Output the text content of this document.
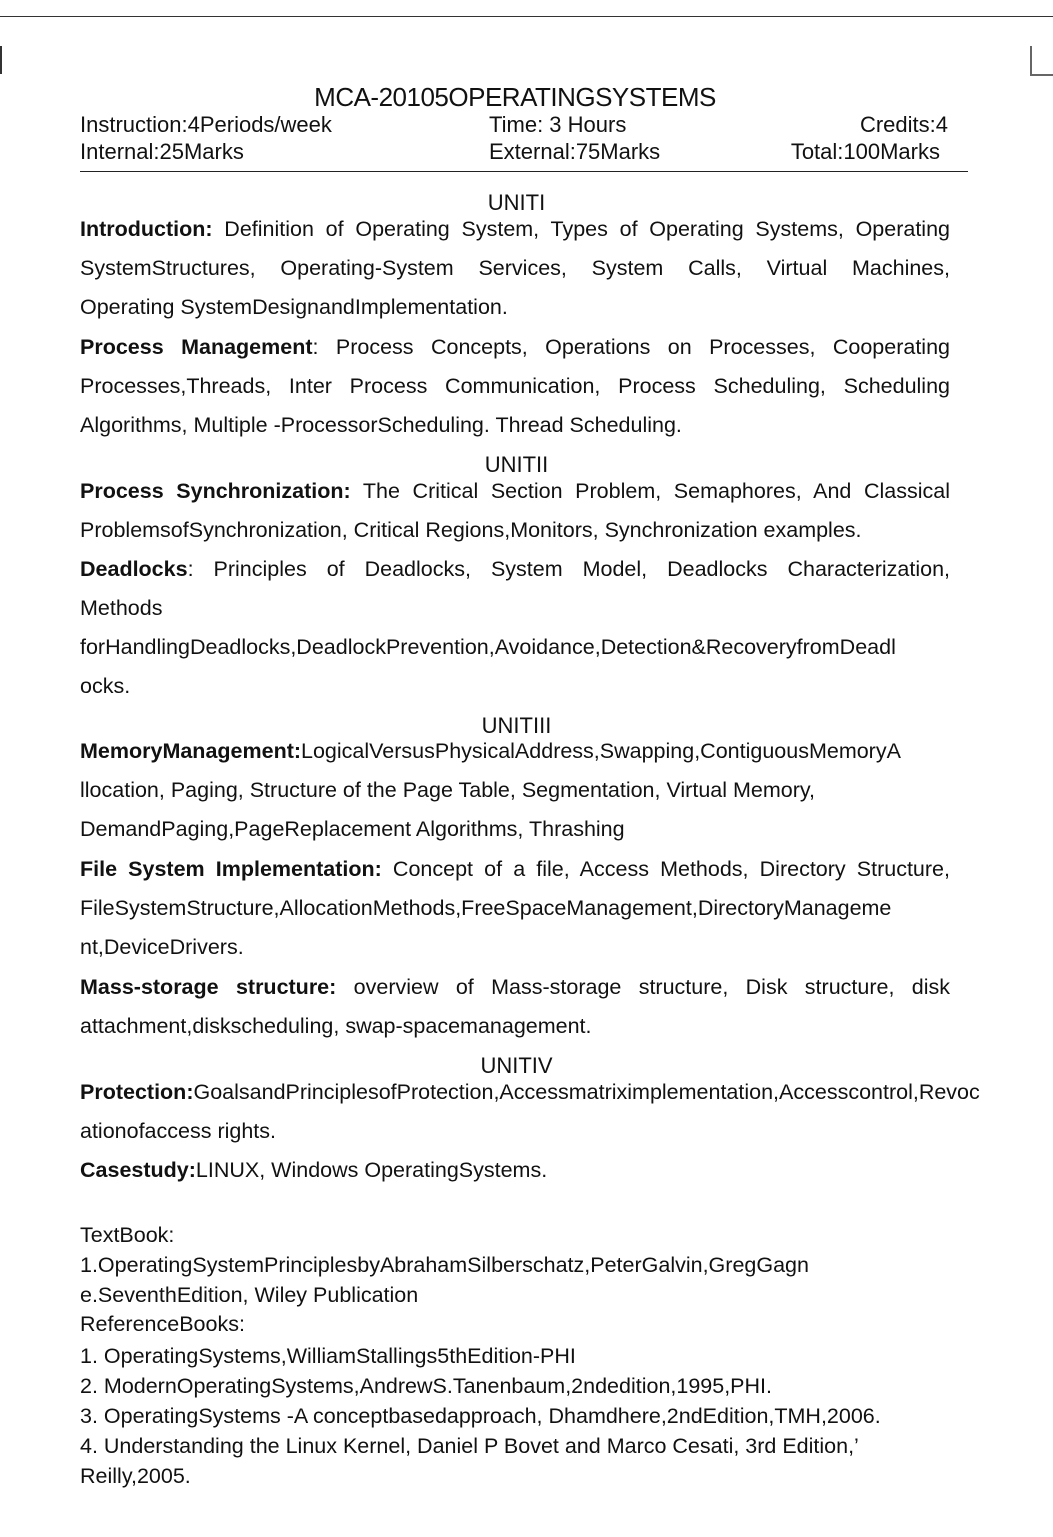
MCA-20105OPERATINGSYSTEMS
Instruction:4Periods/week	Time: 3 Hours	Credits:4
Internal:25Marks	External:75Marks	Total:100Marks
UNITI
Introduction: Definition of Operating System, Types of Operating Systems, Operating
SystemStructures, Operating-System Services, System Calls, Virtual Machines,
Operating SystemDesignandImplementation.
Process Management: Process Concepts, Operations on Processes, Cooperating
Processes,Threads, Inter Process Communication, Process Scheduling, Scheduling
Algorithms, Multiple -ProcessorScheduling. Thread Scheduling.
UNITII
Process Synchronization: The Critical Section Problem, Semaphores, And Classical
ProblemsofSynchronization, Critical Regions,Monitors, Synchronization examples.
Deadlocks: Principles of Deadlocks, System Model, Deadlocks Characterization,
Methods
forHandlingDeadlocks,DeadlockPrevention,Avoidance,Detection&RecoveryfromDeadl
ocks.
UNITIII
MemoryManagement:LogicalVersusPhysicalAddress,Swapping,ContiguousMemoryA
llocation, Paging, Structure of the Page Table, Segmentation, Virtual Memory,
DemandPaging,PageReplacement Algorithms, Thrashing
File System Implementation: Concept of a file, Access Methods, Directory Structure,
FileSystemStructure,AllocationMethods,FreeSpaceManagement,DirectoryManageme
nt,DeviceDrivers.
Mass-storage structure: overview of Mass-storage structure, Disk structure, disk
attachment,diskscheduling, swap-spacemanagement.
UNITIV
Protection:GoalsandPrinciplesofProtection,Accessmatriximplementation,Accesscontrol,Revoc
ationofaccess rights.
Casestudy:LINUX, Windows OperatingSystems.
TextBook:
1.OperatingSystemPrinciplesbyAbrahamSilberschatz,PeterGalvin,GregGagn
e.SeventhEdition, Wiley Publication
ReferenceBooks:
1. OperatingSystems,WilliamStallings5thEdition-PHI
2. ModernOperatingSystems,AndrewS.Tanenbaum,2ndedition,1995,PHI.
3. OperatingSystems -A conceptbasedapproach, Dhamdhere,2ndEdition,TMH,2006.
4. Understanding the Linux Kernel, Daniel P Bovet and Marco Cesati, 3rd Edition,’
Reilly,2005.
